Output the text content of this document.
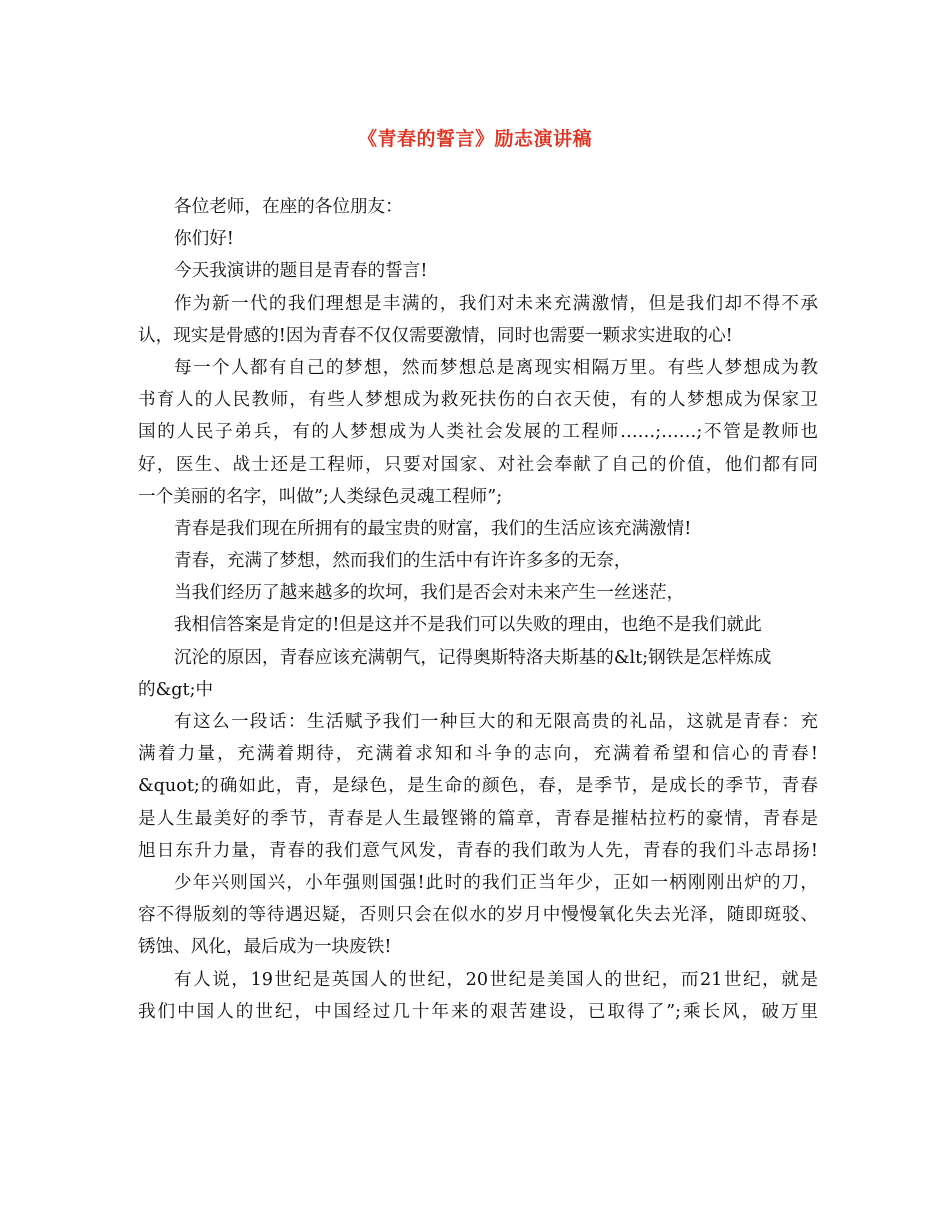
《青春的誓言》励志演讲稿
各位老师，在座的各位朋友：
你们好!
今天我演讲的题目是青春的誓言!
作为新一代的我们理想是丰满的，我们对未来充满激情，但是我们却不得不承
认，现实是骨感的!因为青春不仅仅需要激情，同时也需要一颗求实进取的心!
每一个人都有自己的梦想，然而梦想总是离现实相隔万里。有些人梦想成为教
书育人的人民教师，有些人梦想成为救死扶伤的白衣天使，有的人梦想成为保家卫
国的人民子弟兵，有的人梦想成为人类社会发展的工程师……;……;不管是教师也
好，医生、战士还是工程师，只要对国家、对社会奉献了自己的价值，他们都有同
一个美丽的名字，叫做”;人类绿色灵魂工程师”;
青春是我们现在所拥有的最宝贵的财富，我们的生活应该充满激情!
青春，充满了梦想，然而我们的生活中有许许多多的无奈，
当我们经历了越来越多的坎坷，我们是否会对未来产生一丝迷茫，
我相信答案是肯定的!但是这并不是我们可以失败的理由，也绝不是我们就此
沉沦的原因，青春应该充满朝气，记得奥斯特洛夫斯基的&lt;钢铁是怎样炼成
的&gt;中
有这么一段话：生活赋予我们一种巨大的和无限高贵的礼品，这就是青春：充
满着力量，充满着期待，充满着求知和斗争的志向，充满着希望和信心的青春!
&quot;的确如此，青，是绿色，是生命的颜色，春，是季节，是成长的季节，青春
是人生最美好的季节，青春是人生最铿锵的篇章，青春是摧枯拉朽的豪情，青春是
旭日东升力量，青春的我们意气风发，青春的我们敢为人先，青春的我们斗志昂扬!
少年兴则国兴，小年强则国强!此时的我们正当年少，正如一柄刚刚出炉的刀，
容不得版刻的等待遇迟疑，否则只会在似水的岁月中慢慢氧化失去光泽，随即斑驳、
锈蚀、风化，最后成为一块废铁!
有人说，19世纪是英国人的世纪，20世纪是美国人的世纪，而21世纪，就是
我们中国人的世纪，中国经过几十年来的艰苦建设，已取得了”;乘长风，破万里
